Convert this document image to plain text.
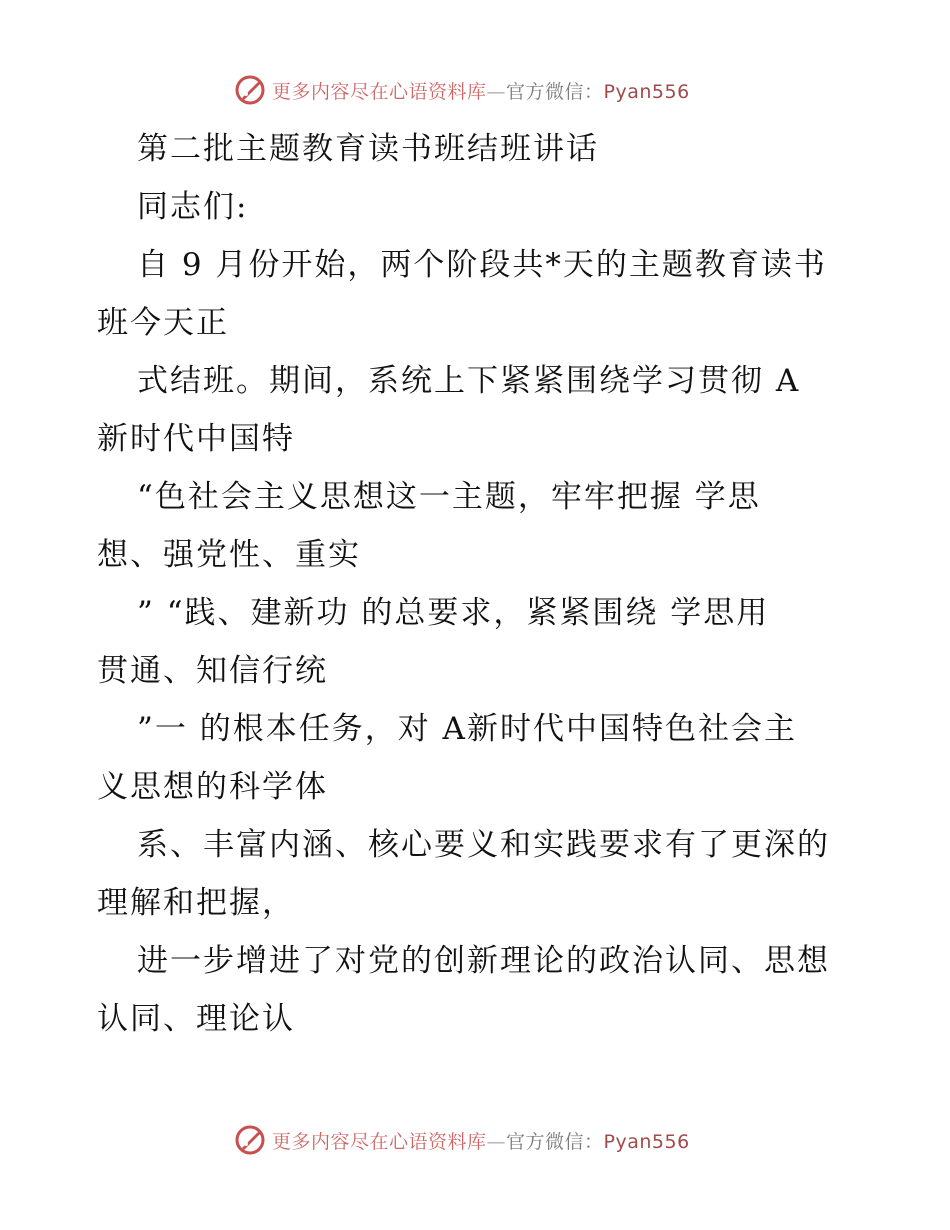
更多内容尽在心语资料库—官方微信：Pyan556
第二批主题教育读书班结班讲话
同志们:
自 9 月份开始，两个阶段共*天的主题教育读书
班今天正
式结班。期间，系统上下紧紧围绕学习贯彻 A
新时代中国特
“色社会主义思想这一主题，牢牢把握 学思
想、强党性、重实
” “践、建新功 的总要求，紧紧围绕 学思用
贯通、知信行统
”一 的根本任务，对 A新时代中国特色社会主
义思想的科学体
系、丰富内涵、核心要义和实践要求有了更深的
理解和把握，
进一步增进了对党的创新理论的政治认同、思想
认同、理论认
更多内容尽在心语资料库—官方微信：Pyan556
